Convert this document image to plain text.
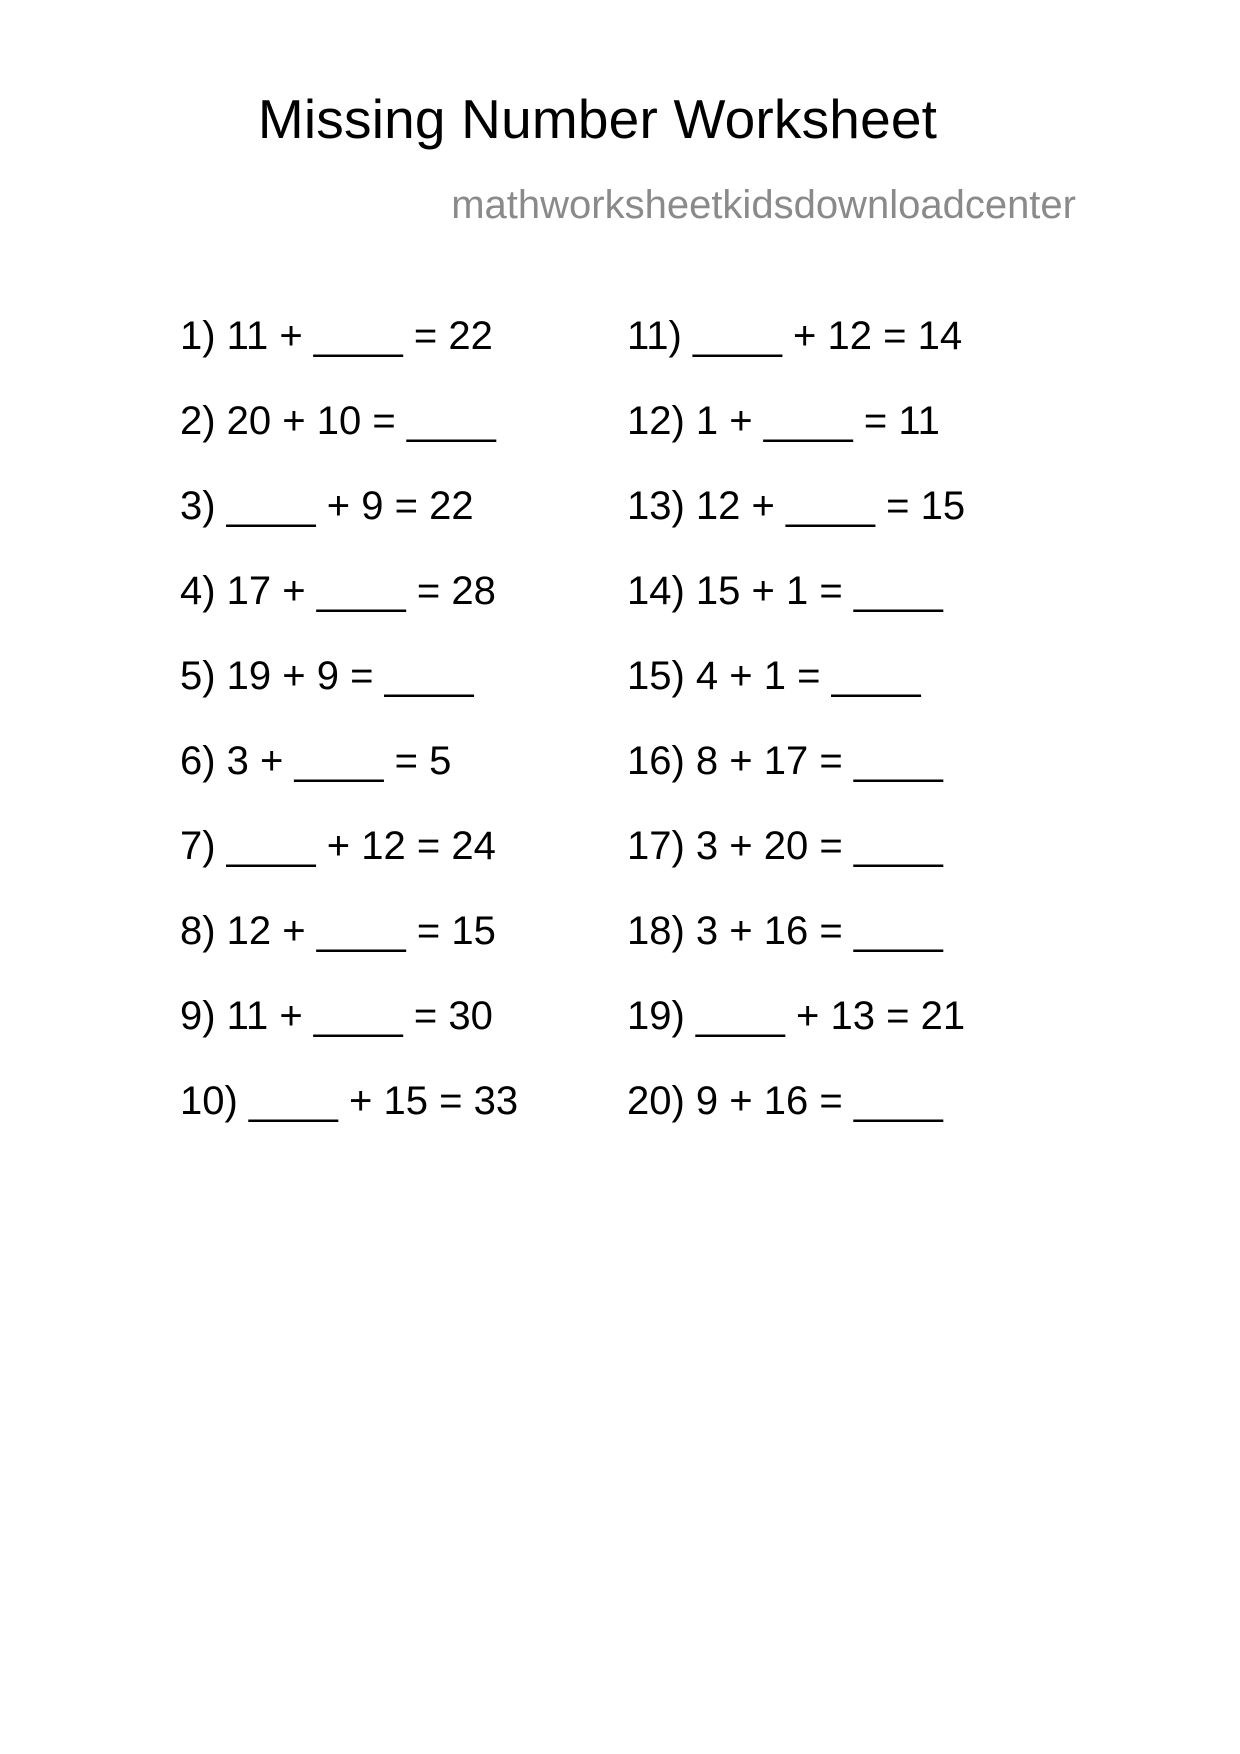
Missing Number Worksheet
mathworksheetkidsdownloadcenter
1) 11 + ____ = 22
2) 20 + 10 = ____
3) ____ + 9 = 22
4) 17 + ____ = 28
5) 19 + 9 = ____
6) 3 + ____ = 5
7) ____ + 12 = 24
8) 12 + ____ = 15
9) 11 + ____ = 30
10) ____ + 15 = 33
11) ____ + 12 = 14
12) 1 + ____ = 11
13) 12 + ____ = 15
14) 15 + 1 = ____
15) 4 + 1 = ____
16) 8 + 17 = ____
17) 3 + 20 = ____
18) 3 + 16 = ____
19) ____ + 13 = 21
20) 9 + 16 = ____
